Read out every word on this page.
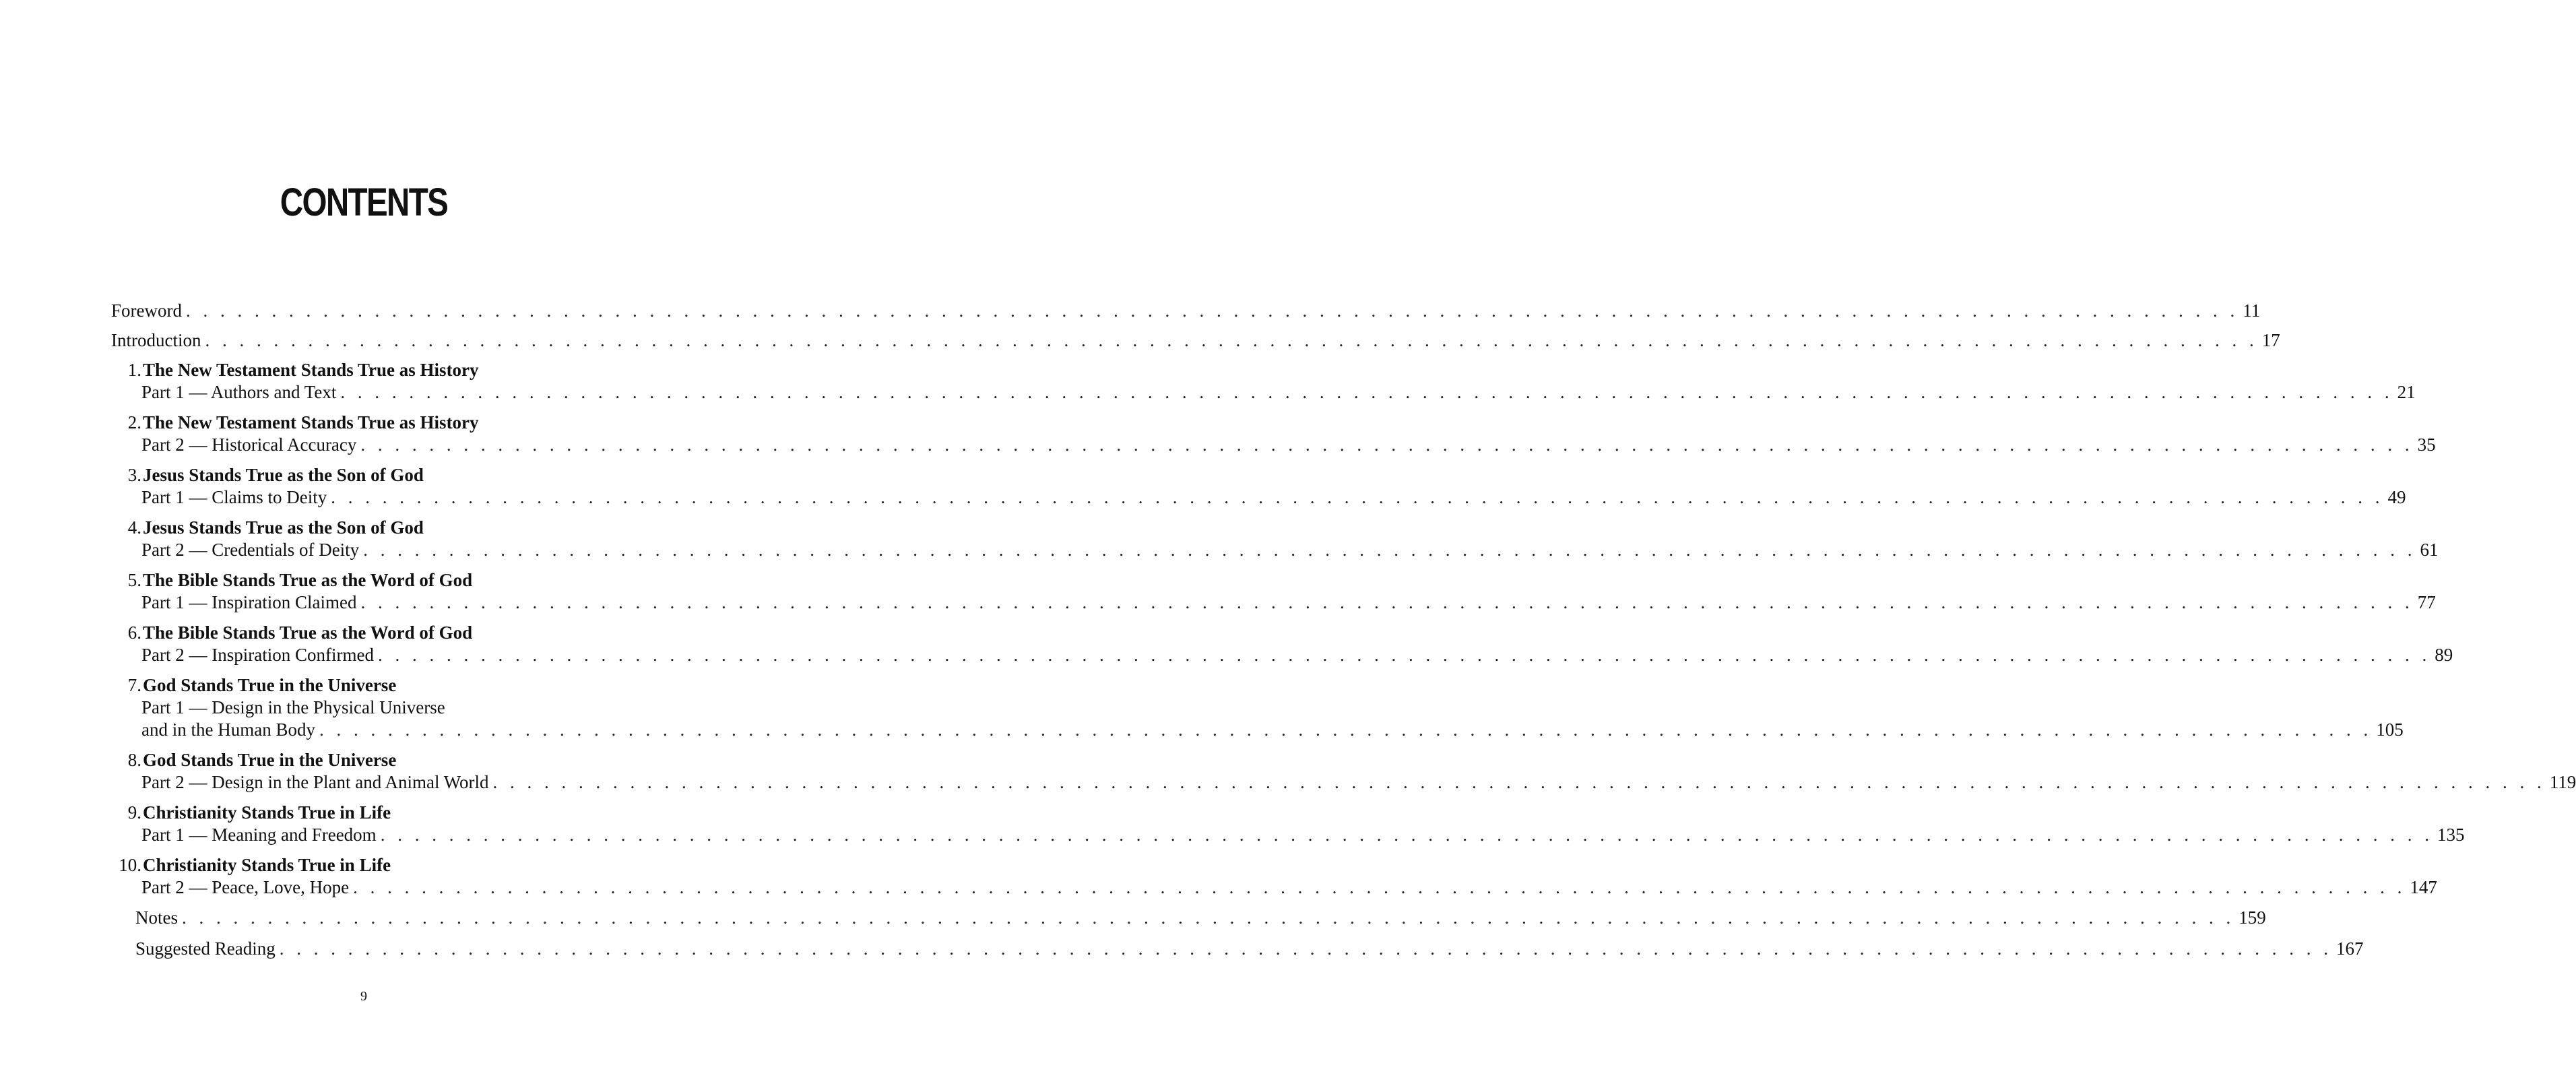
CONTENTS
Foreword . . . . . . . . . . . . . . . . . . . . . . . . . . . . . . . . . . . . . . . . . . . . . . . . . . . . . . . . . . . . . . . . . . . . . . . . . . . . . . . . . . . . . . . . . . . . . . . . . . . . . . . . . . . . . . . . . . . . . . . . 11
Introduction . . . . . . . . . . . . . . . . . . . . . . . . . . . . . . . . . . . . . . . . . . . . . . . . . . . . . . . . . . . . . . . . . . . . . . . . . . . . . . . . . . . . . . . . . . . . . . . . . . . . . . . . . . . . . . . . . . . . . . . . 17
1. The New Testament Stands True as History
Part 1 — Authors and Text . . . . . . . . . . . . . . . . . . . . . . . . . . . . . . . . . . . . . . . . . . . . . . . . . . . . . . . . . . . . . . . . . . . . . . . . . . . . . . . . . . . . . . . . . . . . . . . . . . . . . . . . . . . . . . . . . . . . . . . . 21
2. The New Testament Stands True as History
Part 2 — Historical Accuracy . . . . . . . . . . . . . . . . . . . . . . . . . . . . . . . . . . . . . . . . . . . . . . . . . . . . . . . . . . . . . . . . . . . . . . . . . . . . . . . . . . . . . . . . . . . . . . . . . . . . . . . . . . . . . . . . . . . . . . . . 35
3. Jesus Stands True as the Son of God
Part 1 — Claims to Deity . . . . . . . . . . . . . . . . . . . . . . . . . . . . . . . . . . . . . . . . . . . . . . . . . . . . . . . . . . . . . . . . . . . . . . . . . . . . . . . . . . . . . . . . . . . . . . . . . . . . . . . . . . . . . . . . . . . . . . . . 49
4. Jesus Stands True as the Son of God
Part 2 — Credentials of Deity . . . . . . . . . . . . . . . . . . . . . . . . . . . . . . . . . . . . . . . . . . . . . . . . . . . . . . . . . . . . . . . . . . . . . . . . . . . . . . . . . . . . . . . . . . . . . . . . . . . . . . . . . . . . . . . . . . . . . . . . 61
5. The Bible Stands True as the Word of God
Part 1 — Inspiration Claimed . . . . . . . . . . . . . . . . . . . . . . . . . . . . . . . . . . . . . . . . . . . . . . . . . . . . . . . . . . . . . . . . . . . . . . . . . . . . . . . . . . . . . . . . . . . . . . . . . . . . . . . . . . . . . . . . . . . . . . . . 77
6. The Bible Stands True as the Word of God
Part 2 — Inspiration Confirmed . . . . . . . . . . . . . . . . . . . . . . . . . . . . . . . . . . . . . . . . . . . . . . . . . . . . . . . . . . . . . . . . . . . . . . . . . . . . . . . . . . . . . . . . . . . . . . . . . . . . . . . . . . . . . . . . . . . . . . . . 89
7. God Stands True in the Universe
Part 1 — Design in the Physical Universe
and in the Human Body . . . . . . . . . . . . . . . . . . . . . . . . . . . . . . . . . . . . . . . . . . . . . . . . . . . . . . . . . . . . . . . . . . . . . . . . . . . . . . . . . . . . . . . . . . . . . . . . . . . . . . . . . . . . . . . . . . . . . . . . 105
8. God Stands True in the Universe
Part 2 — Design in the Plant and Animal World . . . . . . . . . . . . . . . . . . . . . . . . . . . . . . . . . . . . . . . . . . . . . . . . . . . . . . . . . . . . . . . . . . . . . . . . . . . . . . . . . . . . . . . . . . . . . . . . . . . . . . . . . . . . . . . . . . . . . . . . 119
9. Christianity Stands True in Life
Part 1 — Meaning and Freedom . . . . . . . . . . . . . . . . . . . . . . . . . . . . . . . . . . . . . . . . . . . . . . . . . . . . . . . . . . . . . . . . . . . . . . . . . . . . . . . . . . . . . . . . . . . . . . . . . . . . . . . . . . . . . . . . . . . . . . . . 135
10. Christianity Stands True in Life
Part 2 — Peace, Love, Hope . . . . . . . . . . . . . . . . . . . . . . . . . . . . . . . . . . . . . . . . . . . . . . . . . . . . . . . . . . . . . . . . . . . . . . . . . . . . . . . . . . . . . . . . . . . . . . . . . . . . . . . . . . . . . . . . . . . . . . . . 147
Notes . . . . . . . . . . . . . . . . . . . . . . . . . . . . . . . . . . . . . . . . . . . . . . . . . . . . . . . . . . . . . . . . . . . . . . . . . . . . . . . . . . . . . . . . . . . . . . . . . . . . . . . . . . . . . . . . . . . . . . . . 159
Suggested Reading . . . . . . . . . . . . . . . . . . . . . . . . . . . . . . . . . . . . . . . . . . . . . . . . . . . . . . . . . . . . . . . . . . . . . . . . . . . . . . . . . . . . . . . . . . . . . . . . . . . . . . . . . . . . . . . . . . . . . . . . 167
9
